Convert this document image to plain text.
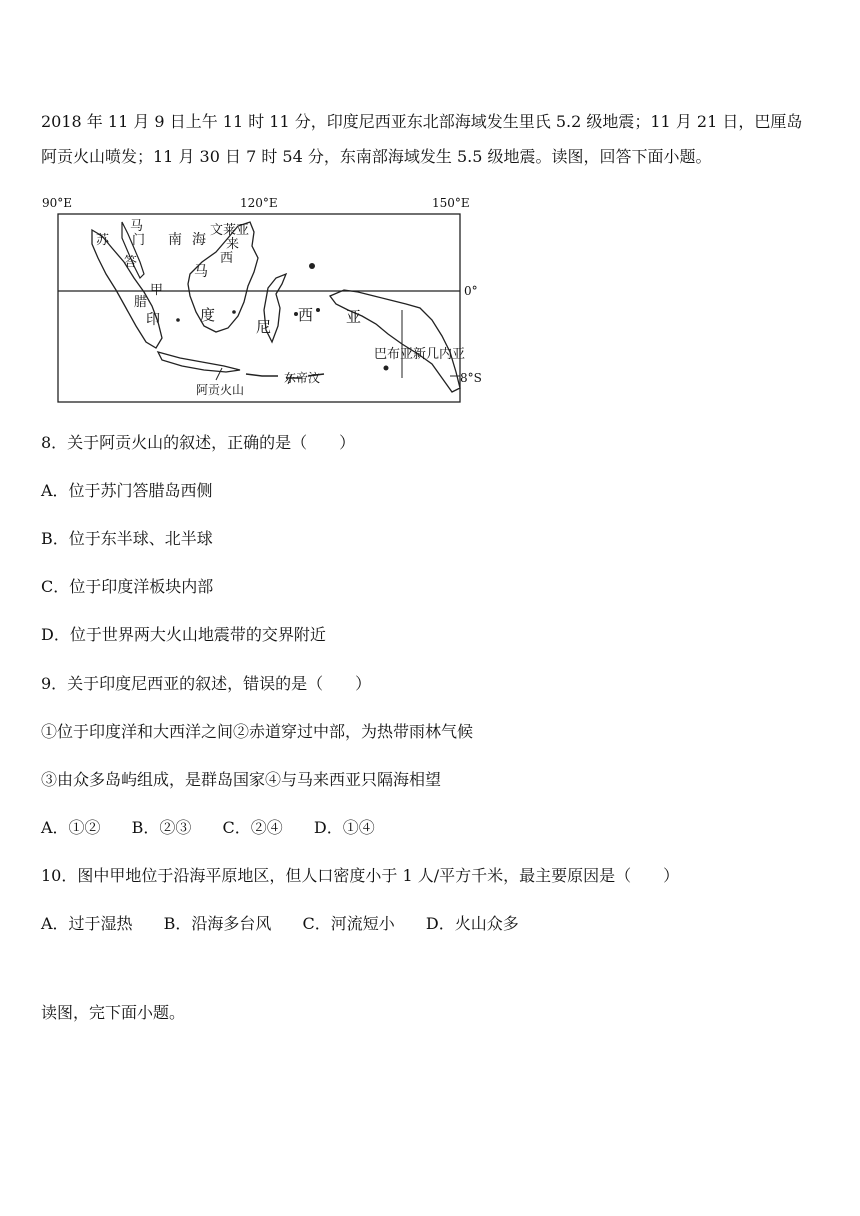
2018 年 11 月 9 日上午 11 时 11 分，印度尼西亚东北部海域发生里氏 5.2 级地震；11 月 21 日，巴厘岛
阿贡火山喷发；11 月 30 日 7 时 54 分，东南部海域发生 5.5 级地震。读图，回答下面小题。
90°E	120°E	150°E
0°
8°S
南 海
文莱 亚
来
西
马
马
苏 门
答
腊
甲
印	度
尼
西 亚
巴布亚新几内亚
阿贡火山
东帝汶
8．关于阿贡火山的叙述，正确的是（　　）
A．位于苏门答腊岛西侧
B．位于东半球、北半球
C．位于印度洋板块内部
D．位于世界两大火山地震带的交界附近
9．关于印度尼西亚的叙述，错误的是（　　）
①位于印度洋和大西洋之间②赤道穿过中部，为热带雨林气候
③由众多岛屿组成，是群岛国家④与马来西亚只隔海相望
A．①② B．②③ C．②④ D．①④
10．图中甲地位于沿海平原地区，但人口密度小于 1 人/平方千米，最主要原因是（　　）
A．过于湿热 B．沿海多台风 C．河流短小 D．火山众多
读图，完下面小题。
